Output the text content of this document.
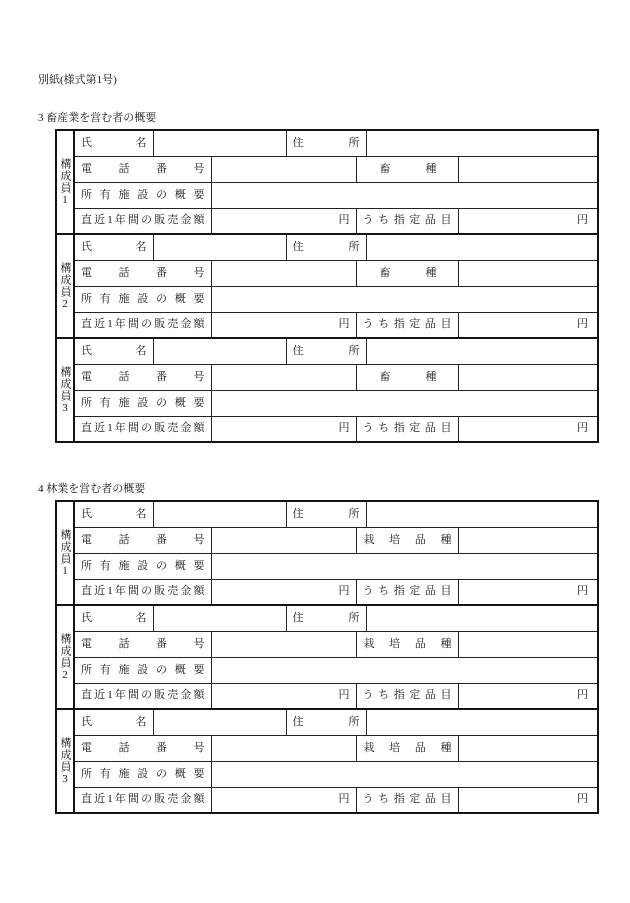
別紙(様式第1号)
3 畜産業を営む者の概要
構成員1	氏 名			住 所			
	電 話 番 号				畜 種		
	所 有 施 設 の 概 要						
	直近1年間の販売金額		円		う ち 指 定 品 目		円

構成員2	氏 名			住 所			
	電 話 番 号				畜 種		
	所 有 施 設 の 概 要						
	直近1年間の販売金額		円		う ち 指 定 品 目		円

構成員3	氏 名			住 所			
	電 話 番 号				畜 種		
	所 有 施 設 の 概 要						
	直近1年間の販売金額		円		う ち 指 定 品 目		円
4 林業を営む者の概要
構成員1	氏 名			住 所			
	電 話 番 号				栽 培 品 種		
	所 有 施 設 の 概 要						
	直近1年間の販売金額		円		う ち 指 定 品 目		円

構成員2	氏 名			住 所			
	電 話 番 号				栽 培 品 種		
	所 有 施 設 の 概 要						
	直近1年間の販売金額		円		う ち 指 定 品 目		円

構成員3	氏 名			住 所			
	電 話 番 号				栽 培 品 種		
	所 有 施 設 の 概 要						
	直近1年間の販売金額		円		う ち 指 定 品 目		円
